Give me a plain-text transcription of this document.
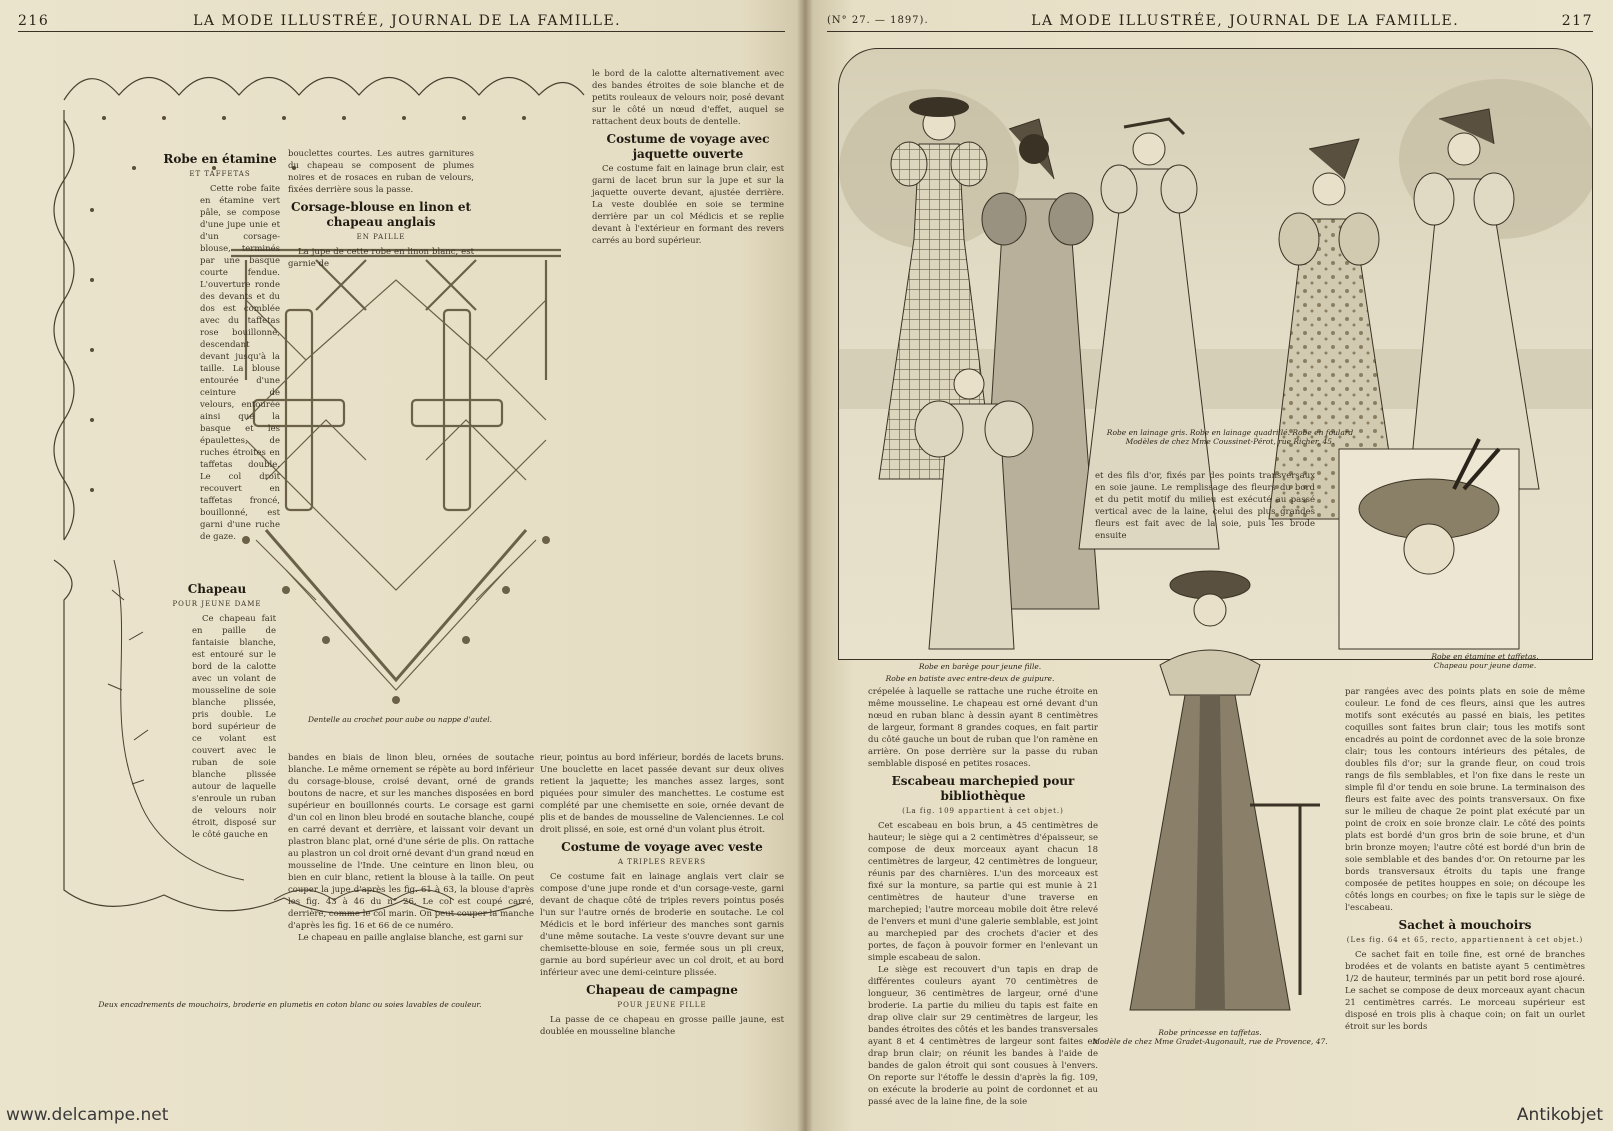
216	LA MODE ILLUSTRÉE, JOURNAL DE LA FAMILLE.
Robe en étamine
ET TAFFETAS

Cette robe faite en étamine vert pâle, se compose d'une jupe unie et d'un corsage-blouse, terminés par une basque courte fendue. L'ouverture ronde des devants et du dos est comblée avec du taffetas rose bouillonné, descendant devant jusqu'à la taille. La blouse entourée d'une ceinture de velours, entourée ainsi que la basque et les épaulettes, de ruches étroites en taffetas double. Le col droit recouvert en taffetas froncé, bouillonné, est garni d'une ruche de gaze.

Chapeau
POUR JEUNE DAME

Ce chapeau fait en paille de fantaisie blanche, est entouré sur le bord de la calotte avec un volant de mousseline de soie blanche plissée, pris double. Le bord supérieur de ce volant est couvert avec le ruban de soie blanche plissée autour de laquelle s'enroule un ruban de velours noir étroit, disposé sur le côté gauche en

bouclettes courtes. Les autres garnitures du chapeau se composent de plumes noires et de rosaces en ruban de velours, fixées derrière sous la passe.

Corsage-blouse en linon et chapeau anglais
EN PAILLE

La jupe de cette robe en linon blanc, est garnie de

bandes en biais de linon bleu, ornées de soutache blanche. Le même ornement se répète au bord inférieur du corsage-blouse, croisé devant, orné de grands boutons de nacre, et sur les manches disposées en bord supérieur en bouillonnés courts. Le corsage est garni d'un col en linon bleu brodé en soutache blanche, coupé en carré devant et derrière, et laissant voir devant un plastron blanc plat, orné d'une série de plis. On rattache au plastron un col droit orné devant d'un grand nœud en mousseline de l'Inde. Une ceinture en linon bleu, ou bien en cuir blanc, retient la blouse à la taille. On peut couper la jupe d'après les fig. 61 à 63, la blouse d'après les fig. 43 à 46 du n° 26. Le col est coupé carré, derrière, comme le col marin. On peut couper la manche d'après les fig. 16 et 66 de ce numéro.

Le chapeau en paille anglaise blanche, est garni sur

le bord de la calotte alternativement avec des bandes étroites de soie blanche et de petits rouleaux de velours noir, posé devant sur le côté un nœud d'effet, auquel se rattachent deux bouts de dentelle.

Costume de voyage avec jaquette ouverte

Ce costume fait en lainage brun clair, est garni de lacet brun sur la jupe et sur la jaquette ouverte devant, ajustée derrière. La veste doublée en soie se termine derrière par un col Médicis et se replie devant à l'extérieur en formant des revers carrés au bord supérieur.

rieur, pointus au bord inférieur, bordés de lacets bruns. Une bouclette en lacet passée devant sur deux olives retient la jaquette; les manches assez larges, sont piquées pour simuler des manchettes. Le costume est complété par une chemisette en soie, ornée devant de plis et de bandes de mousseline de Valenciennes. Le col droit plissé, en soie, est orné d'un volant plus étroit.

Costume de voyage avec veste
A TRIPLES REVERS

Ce costume fait en lainage anglais vert clair se compose d'une jupe ronde et d'un corsage-veste, garni devant de chaque côté de triples revers pointus posés l'un sur l'autre ornés de broderie en soutache. Le col Médicis et le bord inférieur des manches sont garnis d'une même soutache. La veste s'ouvre devant sur une chemisette-blouse en soie, fermée sous un pli creux, garnie au bord supérieur avec un col droit, et au bord inférieur avec une demi-ceinture plissée.

Chapeau de campagne
POUR JEUNE FILLE

La passe de ce chapeau en grosse paille jaune, est doublée en mousseline blanche

Dentelle au crochet pour aube ou nappe d'autel.
Deux encadrements de mouchoirs, broderie en plumetis en coton blanc ou soies lavables de couleur.
www.delcampe.net
(N° 27. — 1897).	LA MODE ILLUSTRÉE, JOURNAL DE LA FAMILLE.	217
Robe en lainage gris. Robe en lainage quadrillé. Robe en foulard
Modèles de chez Mme Coussinet-Pérot, rue Richer, 45.
Robe en barège pour jeune fille.
Robe en étamine et taffetas.
Chapeau pour jeune dame.
Robe en batiste avec entre-deux de guipure.
et des fils d'or, fixés par des points transversaux en soie jaune. Le remplissage des fleurs du bord et du petit motif du milieu est exécuté au passé vertical avec de la laine, celui des plus grandes fleurs est fait avec de la soie, puis les brode ensuite
Robe princesse en taffetas.
Modèle de chez Mme Gradet-Augonault, rue de Provence, 47.

crépelée à laquelle se rattache une ruche étroite en même mousseline. Le chapeau est orné devant d'un nœud en ruban blanc à dessin ayant 8 centimètres de largeur, formant 8 grandes coques, en fait partir du côté gauche un bout de ruban que l'on ramène en arrière. On pose derrière sur la passe du ruban semblable disposé en petites rosaces.

Escabeau marchepied pour bibliothèque
(La fig. 109 appartient à cet objet.)

Cet escabeau en bois brun, a 45 centimètres de hauteur; le siège qui a 2 centimètres d'épaisseur, se compose de deux morceaux ayant chacun 18 centimètres de largeur, 42 centimètres de longueur, réunis par des charnières. L'un des morceaux est fixé sur la monture, sa partie qui est munie à 21 centimètres de hauteur d'une traverse en marchepied; l'autre morceau mobile doit être relevé de l'envers et muni d'une galerie semblable, est joint au marchepied par des crochets d'acier et des portes, de façon à pouvoir former en l'enlevant un simple escabeau de salon.

Le siège est recouvert d'un tapis en drap de différentes couleurs ayant 70 centimètres de longueur, 36 centimètres de largeur, orné d'une broderie. La partie du milieu du tapis est faite en drap olive clair sur 29 centimètres de largeur, les bandes étroites des côtés et les bandes transversales ayant 8 et 4 centimètres de largeur sont faites en drap brun clair; on réunit les bandes à l'aide de bandes de galon étroit qui sont cousues à l'envers. On reporte sur l'étoffe le dessin d'après la fig. 109, on exécute la broderie au point de cordonnet et au passé avec de la laine fine, de la soie

par rangées avec des points plats en soie de même couleur. Le fond de ces fleurs, ainsi que les autres motifs sont exécutés au passé en biais, les petites coquilles sont faites brun clair; tous les motifs sont encadrés au point de cordonnet avec de la soie bronze clair; tous les contours intérieurs des pétales, de doubles fils d'or; sur la grande fleur, on coud trois rangs de fils semblables, et l'on fixe dans le reste un simple fil d'or tendu en soie brune. La terminaison des fleurs est faite avec des points transversaux. On fixe sur le milieu de chaque 2e point plat exécuté par un point de croix en soie bronze clair. Le côté des points plats est bordé d'un gros brin de soie brune, et d'un brin bronze moyen; l'autre côté est bordé d'un brin de soie semblable et des bandes d'or. On retourne par les bords transversaux étroits du tapis une frange composée de petites houppes en soie; on découpe les côtés longs en courbes; on fixe le tapis sur le siège de l'escabeau.

Sachet à mouchoirs
(Les fig. 64 et 65, recto, appartiennent à cet objet.)

Ce sachet fait en toile fine, est orné de branches brodées et de volants en batiste ayant 5 centimètres 1/2 de hauteur, terminés par un petit bord rose ajouré. Le sachet se compose de deux morceaux ayant chacun 21 centimètres carrés. Le morceau supérieur est disposé en trois plis à chaque coin; on fait un ourlet étroit sur les bords

Antikobjet
